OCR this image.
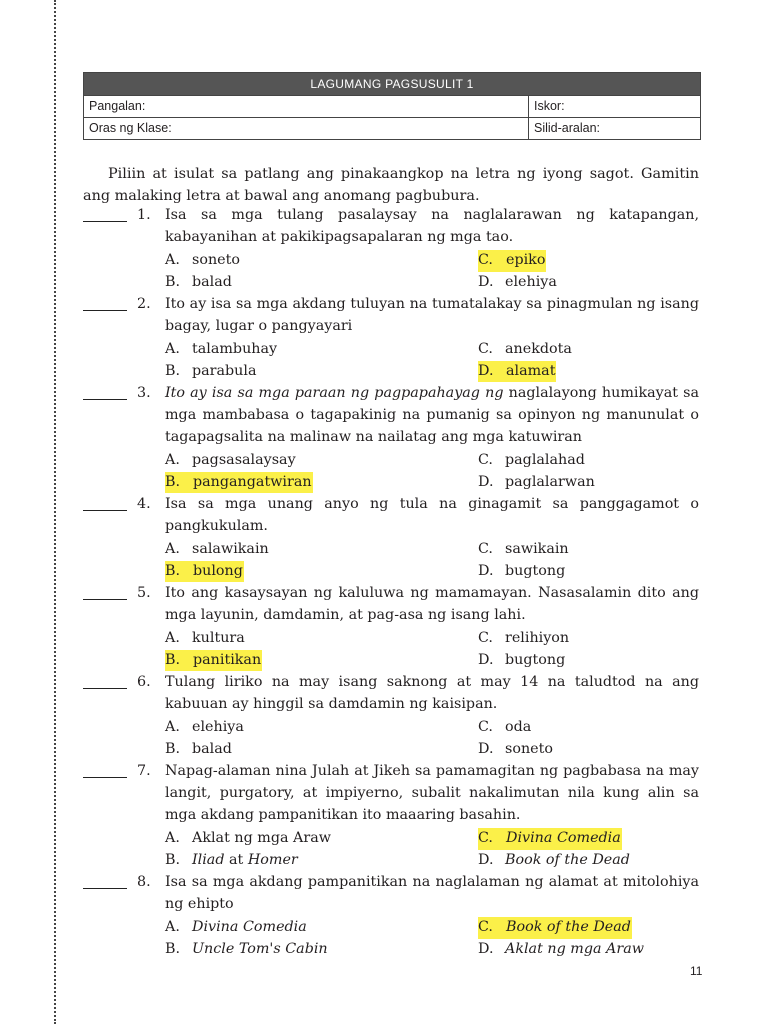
LAGUMANG PAGSUSULIT 1
Pangalan:	Iskor:
Oras ng Klase:	Silid-aralan:

Piliin at isulat sa patlang ang pinakaangkop na letra ng iyong sagot. Gamitin ang malaking letra at bawal ang anomang pagbubura.

1. Isa sa mga tulang pasalaysay na naglalarawan ng katapangan, kabayanihan at pakikipagsapalaran ng mga tao.
A. soneto	C. epiko
B. balad	D. elehiya
2. Ito ay isa sa mga akdang tuluyan na tumatalakay sa pinagmulan ng isang bagay, lugar o pangyayari
A. talambuhay	C. anekdota
B. parabula	D. alamat
3. Ito ay isa sa mga paraan ng pagpapahayag ng naglalayong humikayat sa mga mambabasa o tagapakinig na pumanig sa opinyon ng manunulat o tagapagsalita na malinaw na nailatag ang mga katuwiran
A. pagsasalaysay	C. paglalahad
B. pangangatwiran	D. paglalarwan
4. Isa sa mga unang anyo ng tula na ginagamit sa panggagamot o pangkukulam.
A. salawikain	C. sawikain
B. bulong	D. bugtong
5. Ito ang kasaysayan ng kaluluwa ng mamamayan. Nasasalamin dito ang mga layunin, damdamin, at pag-asa ng isang lahi.
A. kultura	C. relihiyon
B. panitikan	D. bugtong
6. Tulang liriko na may isang saknong at may 14 na taludtod na ang kabuuan ay hinggil sa damdamin ng kaisipan.
A. elehiya	C. oda
B. balad	D. soneto
7. Napag-alaman nina Julah at Jikeh sa pamamagitan ng pagbabasa na may langit, purgatory, at impiyerno, subalit nakalimutan nila kung alin sa mga akdang pampanitikan ito maaaring basahin.
A. Aklat ng mga Araw	C. Divina Comedia
B. Iliad at Homer	D. Book of the Dead
8. Isa sa mga akdang pampanitikan na naglalaman ng alamat at mitolohiya ng ehipto
A. Divina Comedia	C. Book of the Dead
B. Uncle Tom's Cabin	D. Aklat ng mga Araw
11
